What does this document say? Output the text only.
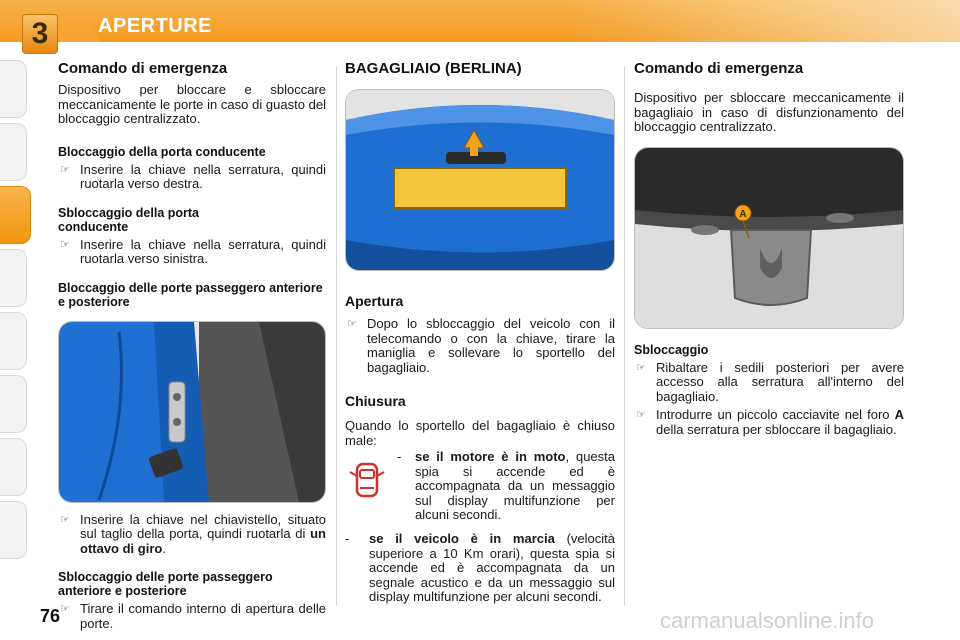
3	APERTURE
Comando di emergenza

Dispositivo per bloccare e sbloccare meccanicamente le porte in caso di guasto del bloccaggio centralizzato.

Bloccaggio della porta conducente
☞ Inserire la chiave nella serratura, quindi ruotarla verso destra.
Sbloccaggio della porta conducente
☞ Inserire la chiave nella serratura, quindi ruotarla verso sinistra.
Bloccaggio delle porte passeggero anteriore e posteriore
☞ Inserire la chiave nel chiavistello, situato sul taglio della porta, quindi ruotarla di un ottavo di giro.
Sbloccaggio delle porte passeggero anteriore e posteriore
☞ Tirare il comando interno di apertura delle porte.
BAGAGLIAIO (BERLINA)
Apertura
☞ Dopo lo sbloccaggio del veicolo con il telecomando o con la chiave, tirare la maniglia e sollevare lo sportello del bagagliaio.
Chiusura

Quando lo sportello del bagagliaio è chiuso male:

- se il motore è in moto, questa spia si accende ed è accompagnata da un messaggio sul display multifunzione per alcuni secondi.

- se il veicolo è in marcia (velocità superiore a 10 Km orari), questa spia si accende ed è accompagnata da un segnale acustico e da un messaggio sul display multifunzione per alcuni secondi.

Comando di emergenza

Dispositivo per sbloccare meccanicamente il bagagliaio in caso di disfunzionamento del bloccaggio centralizzato.

A
Sbloccaggio
☞ Ribaltare i sedili posteriori per avere accesso alla serratura all'interno del bagagliaio.
☞ Introdurre un piccolo cacciavite nel foro A della serratura per sbloccare il bagagliaio.
76	carmanualsonline.info
